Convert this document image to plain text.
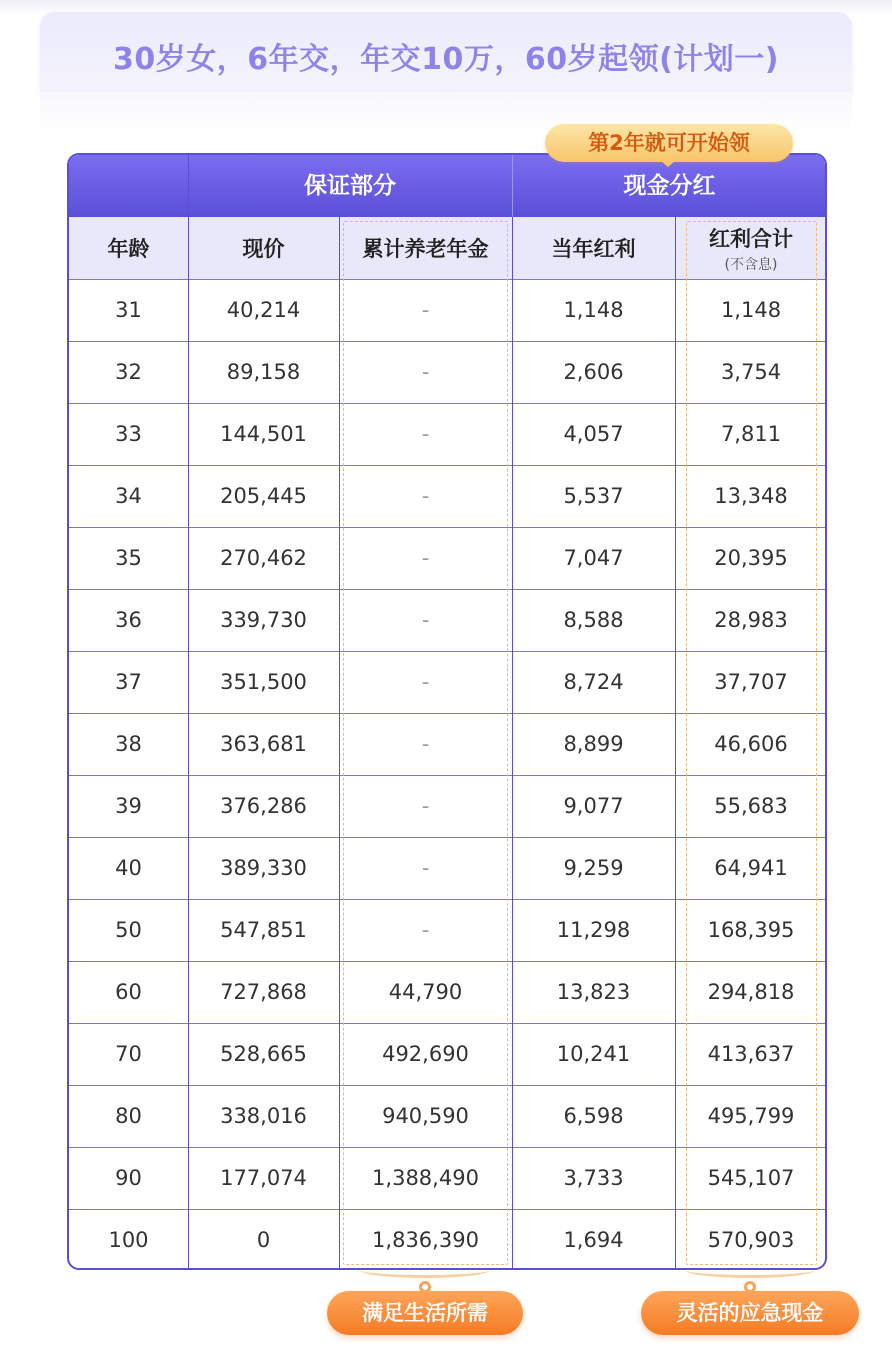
30岁女，6年交，年交10万，60岁起领(计划一)
第2年就可开始领
保证部分	现金分红
年龄	现价	累计养老年金	当年红利	红利合计
(不含息)
31	40,214	-	1,148	1,148
32	89,158	-	2,606	3,754
33	144,501	-	4,057	7,811
34	205,445	-	5,537	13,348
35	270,462	-	7,047	20,395
36	339,730	-	8,588	28,983
37	351,500	-	8,724	37,707
38	363,681	-	8,899	46,606
39	376,286	-	9,077	55,683
40	389,330	-	9,259	64,941
50	547,851	-	11,298	168,395
60	727,868	44,790	13,823	294,818
70	528,665	492,690	10,241	413,637
80	338,016	940,590	6,598	495,799
90	177,074	1,388,490	3,733	545,107
100	0	1,836,390	1,694	570,903
满足生活所需	灵活的应急现金
